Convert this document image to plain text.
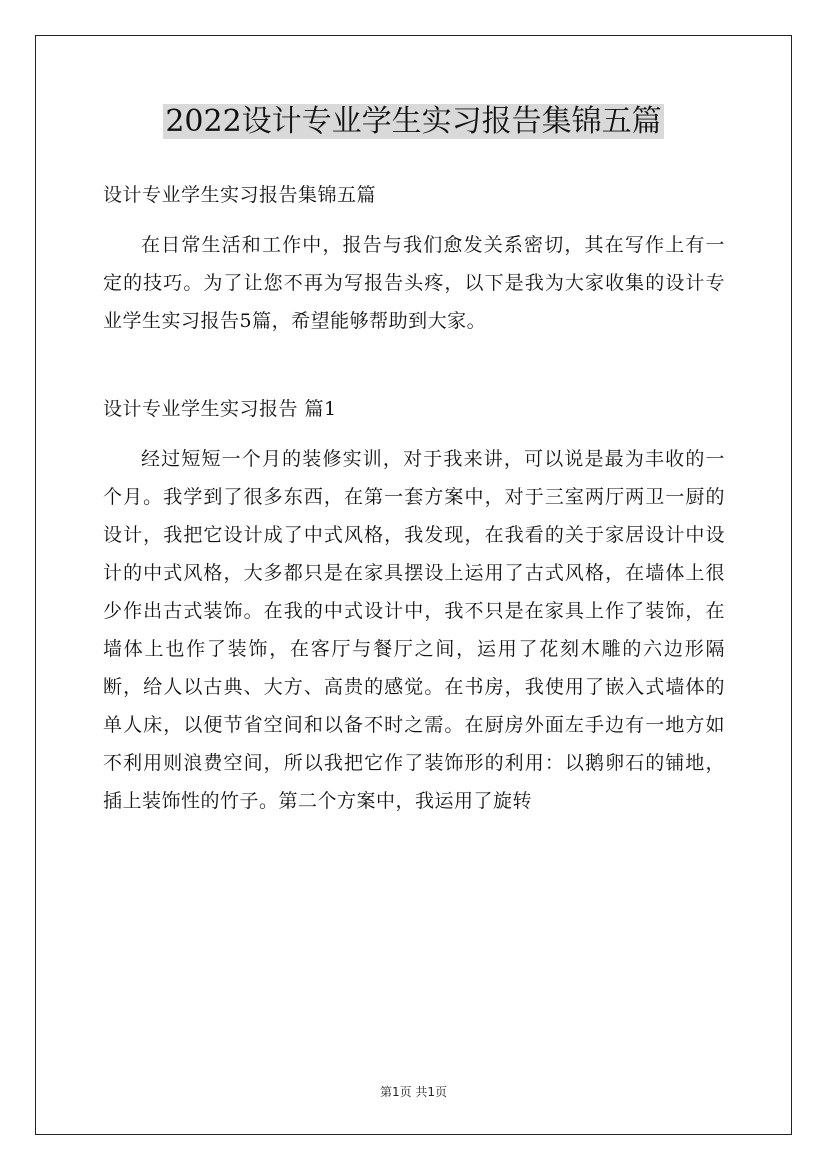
2022设计专业学生实习报告集锦五篇

设计专业学生实习报告集锦五篇

在日常生活和工作中，报告与我们愈发关系密切，其在写作上有一定的技巧。为了让您不再为写报告头疼，以下是我为大家收集的设计专业学生实习报告5篇，希望能够帮助到大家。

设计专业学生实习报告 篇1

经过短短一个月的装修实训，对于我来讲，可以说是最为丰收的一个月。我学到了很多东西，在第一套方案中，对于三室两厅两卫一厨的设计，我把它设计成了中式风格，我发现，在我看的关于家居设计中设计的中式风格，大多都只是在家具摆设上运用了古式风格，在墙体上很少作出古式装饰。在我的中式设计中，我不只是在家具上作了装饰，在墙体上也作了装饰，在客厅与餐厅之间，运用了花刻木雕的六边形隔断，给人以古典、大方、高贵的感觉。在书房，我使用了嵌入式墙体的单人床，以便节省空间和以备不时之需。在厨房外面左手边有一地方如不利用则浪费空间，所以我把它作了装饰形的利用：以鹅卵石的铺地，插上装饰性的竹子。第二个方案中，我运用了旋转

第1页 共1页
